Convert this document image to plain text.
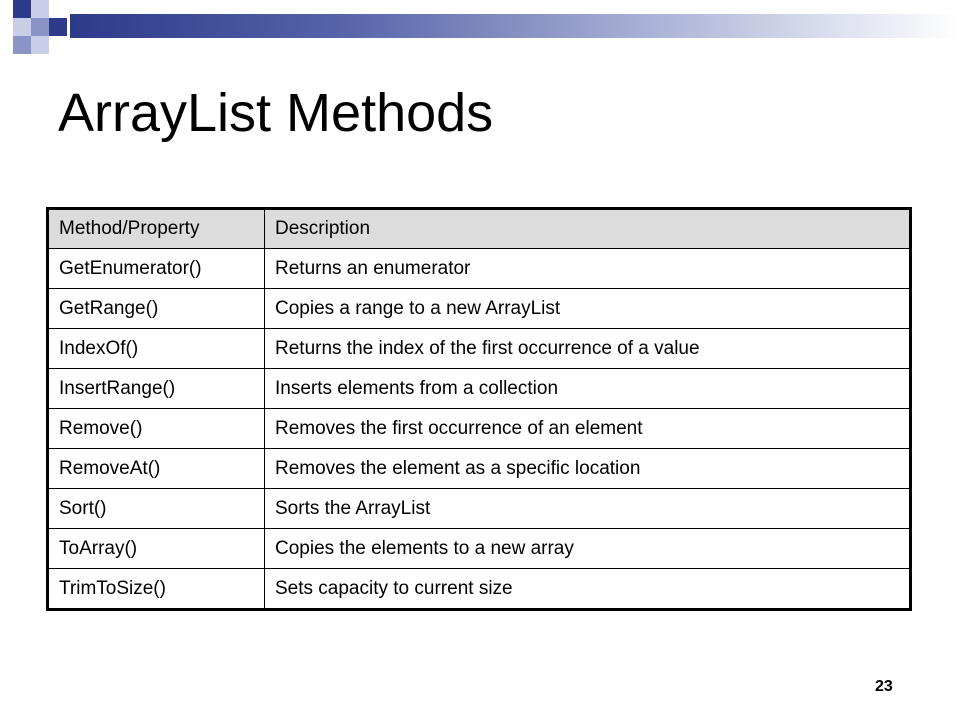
ArrayList Methods
Method/Property	Description
GetEnumerator()	Returns an enumerator
GetRange()	Copies a range to a new ArrayList
IndexOf()	Returns the index of the first occurrence of a value
InsertRange()	Inserts elements from a collection
Remove()	Removes the first occurrence of an element
RemoveAt()	Removes the element as a specific location
Sort()	Sorts the ArrayList
ToArray()	Copies the elements to a new array
TrimToSize()	Sets capacity to current size
23
